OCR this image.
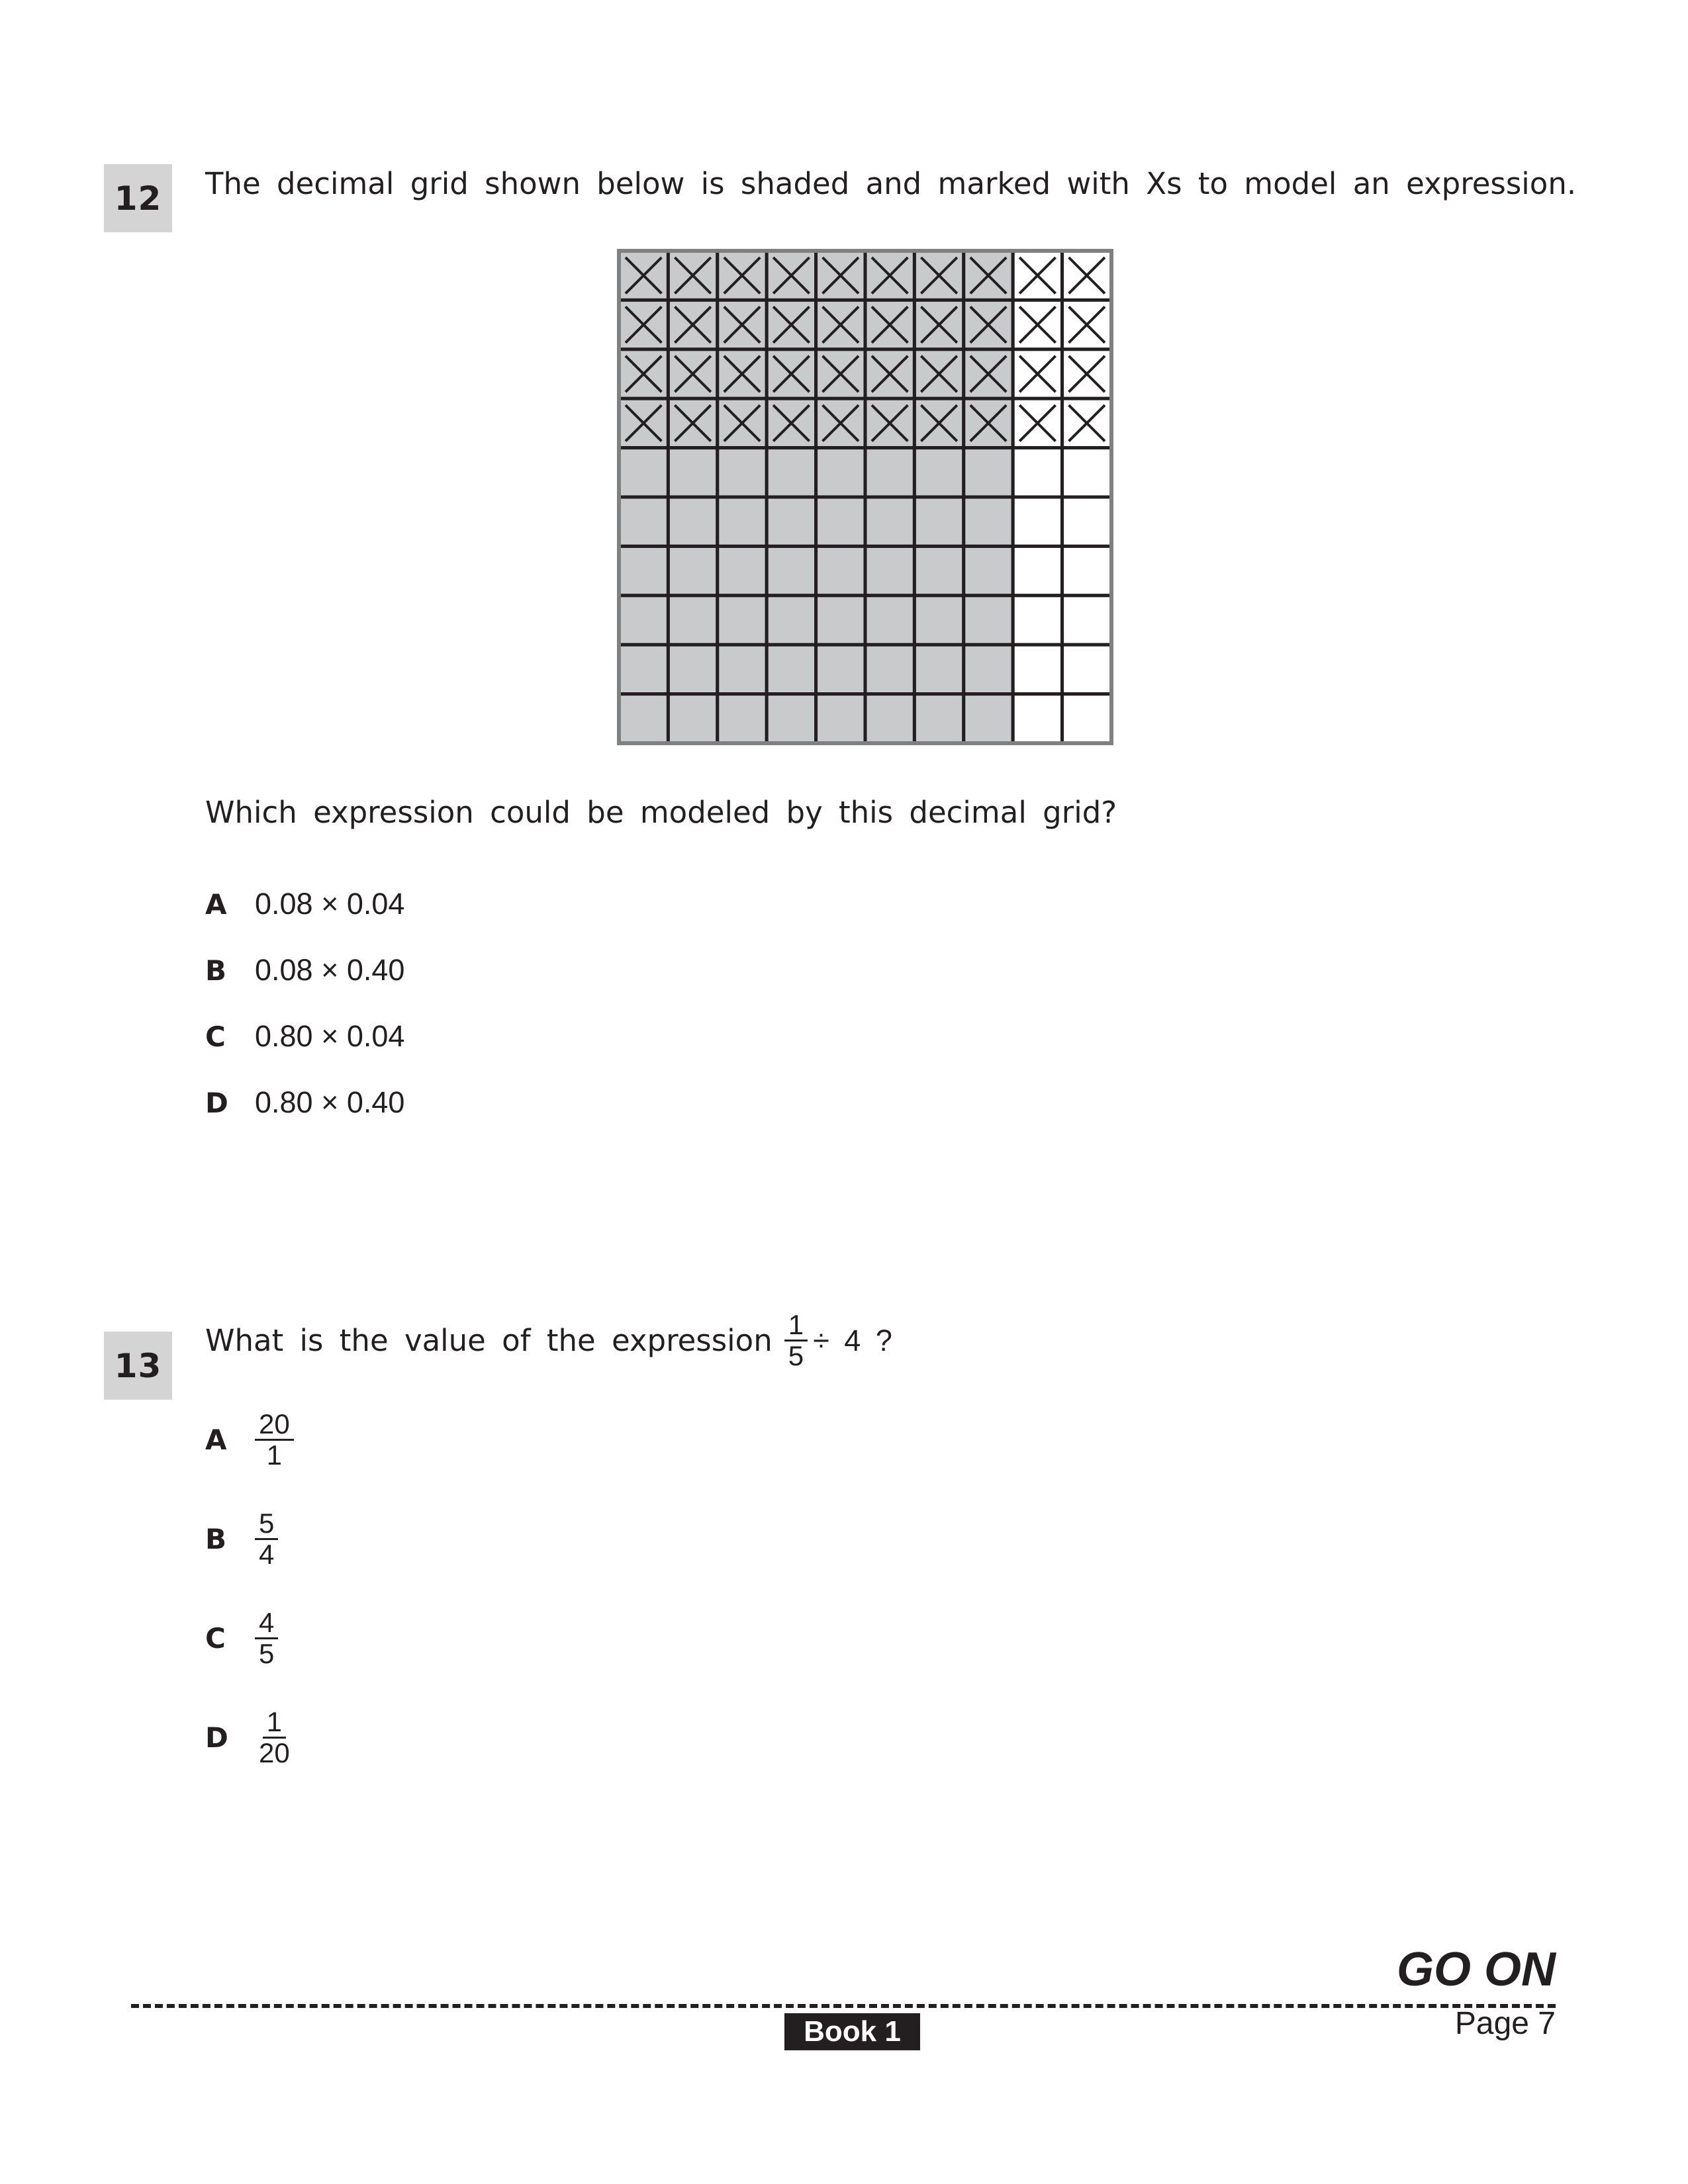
12	The decimal grid shown below is shaded and marked with Xs to model an expression.
Which expression could be modeled by this decimal grid?
A 0.08 × 0.04
B 0.08 × 0.40
C 0.80 × 0.04
D 0.80 × 0.40
13
What is the value of the expression $\frac{1}{5} \div 4$ ?
A	$\frac{20}{1}$
B	$\frac{5}{4}$
C	$\frac{4}{5}$
D $\frac{1}{20}$
GO ON
Book 1	Page 7
